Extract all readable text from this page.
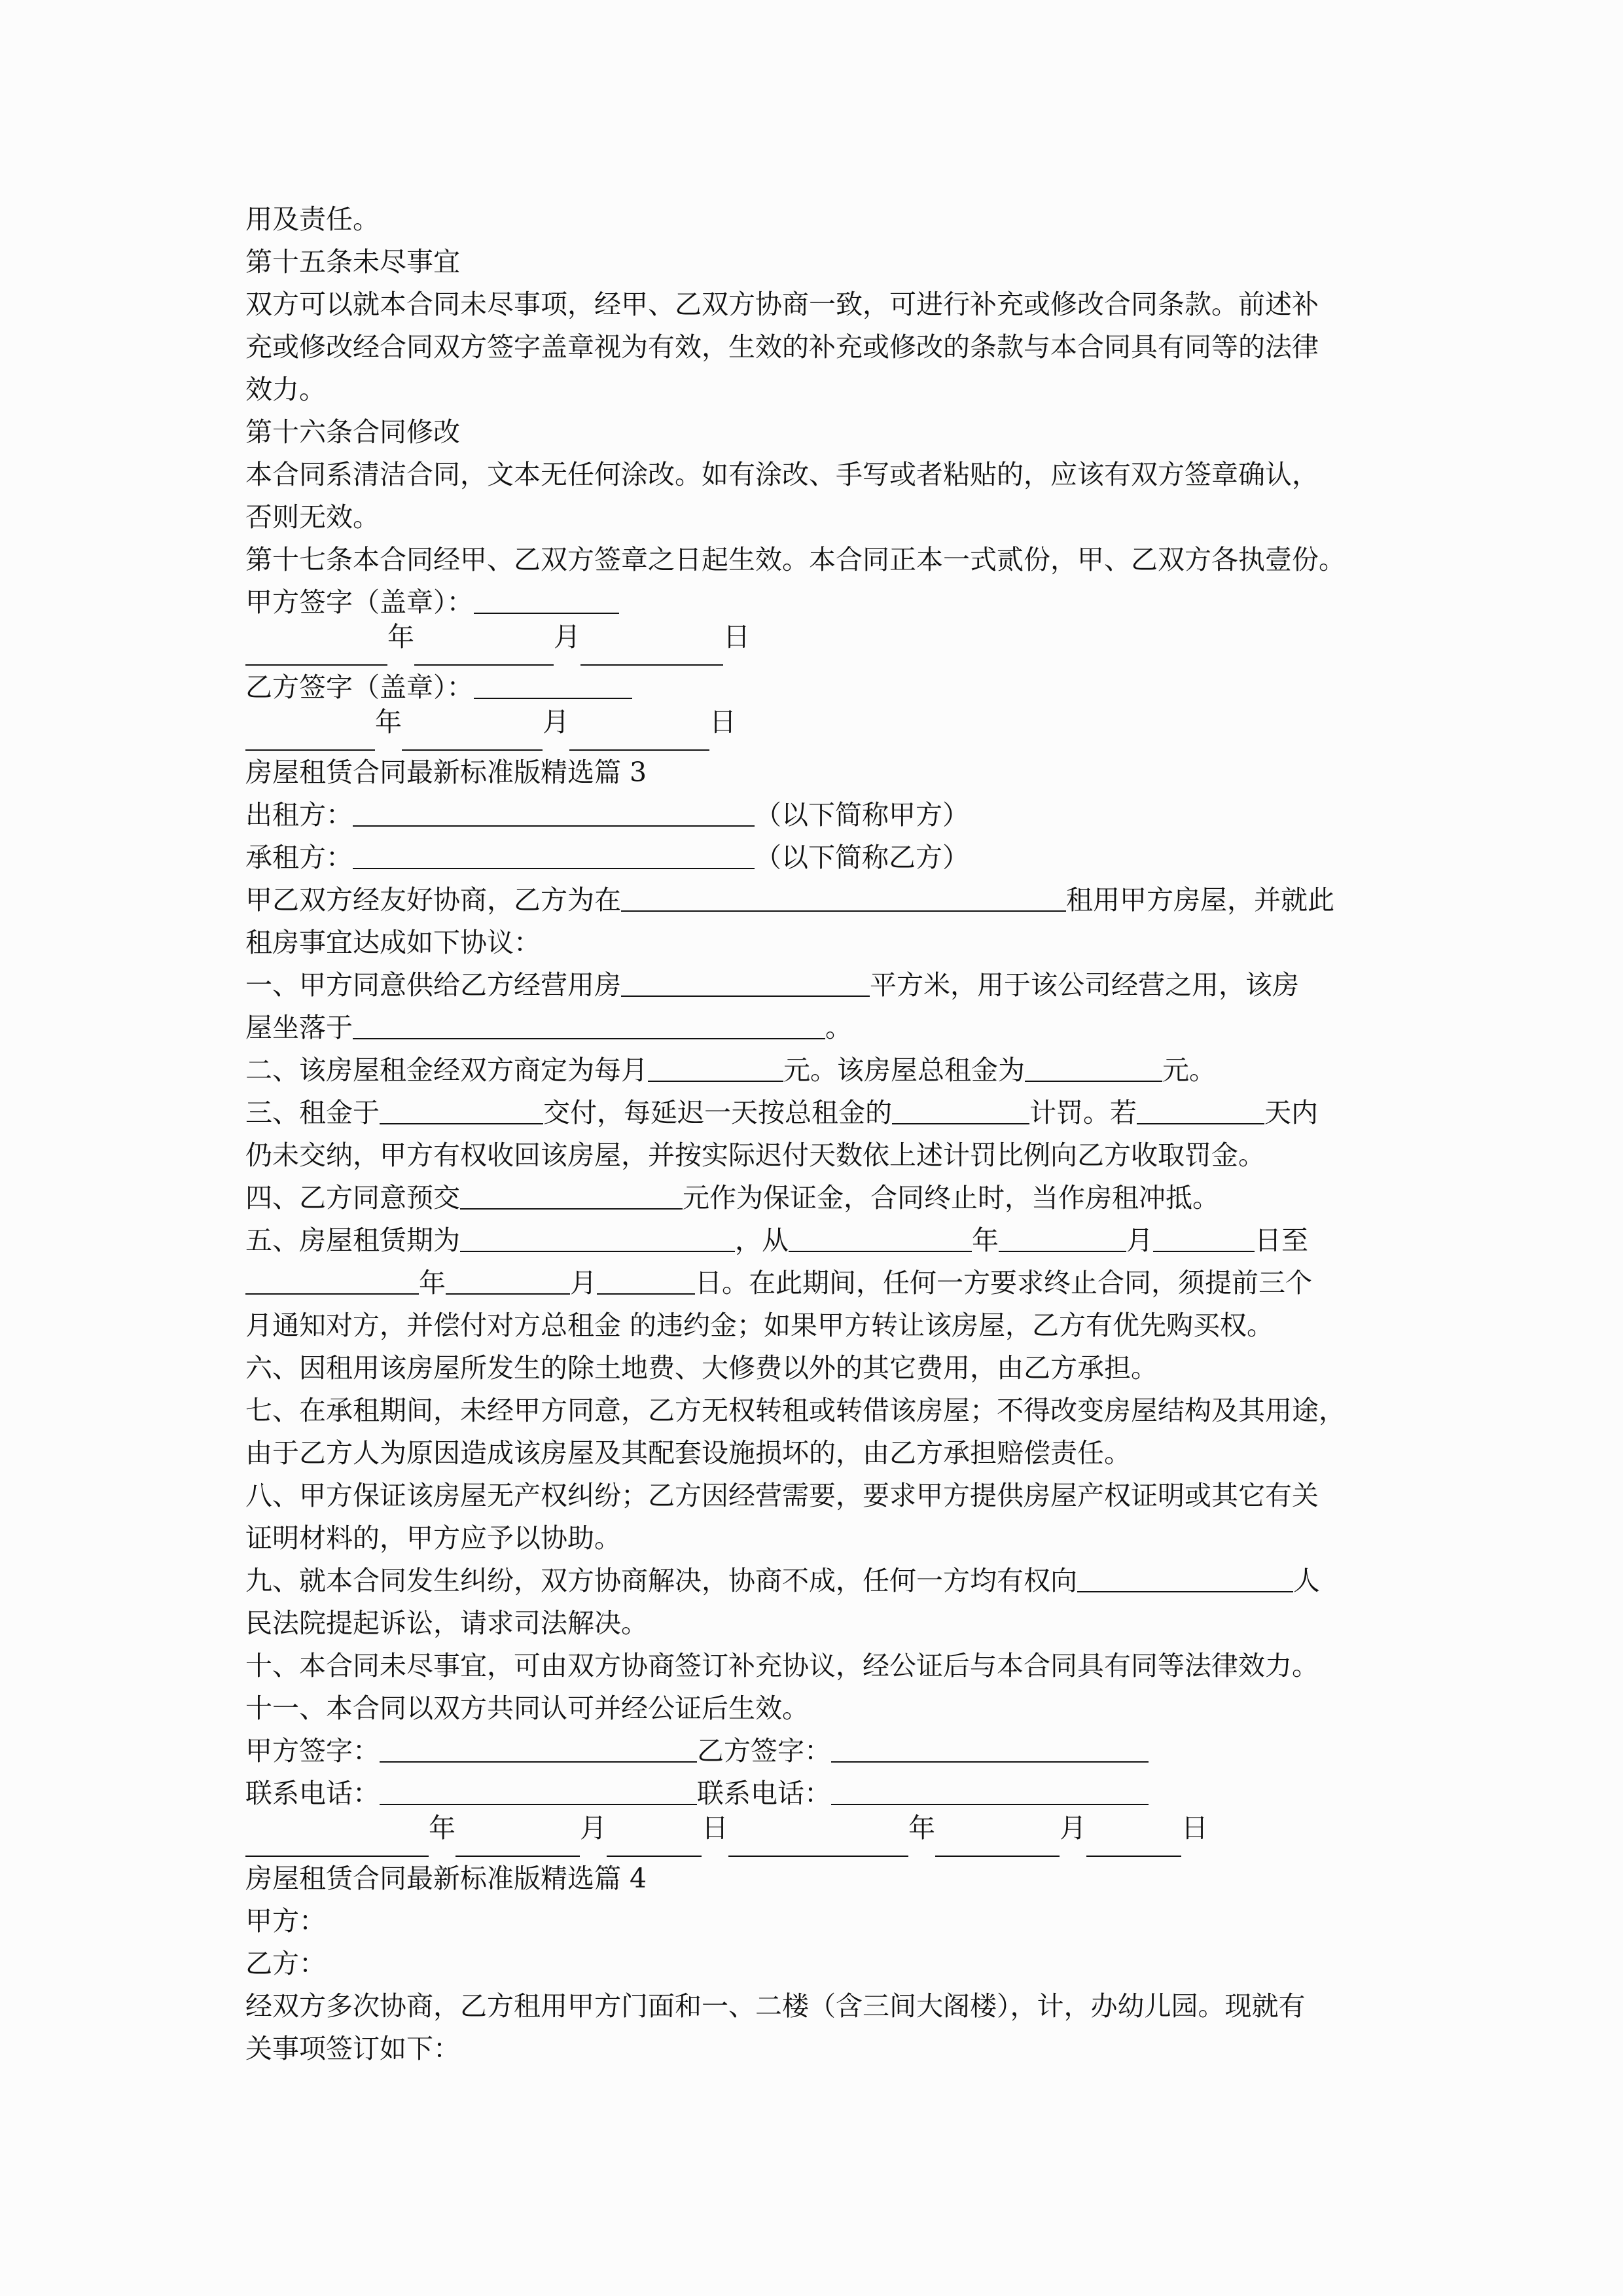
用及责任。
第十五条未尽事宜
双方可以就本合同未尽事项，经甲、乙双方协商一致，可进行补充或修改合同条款。前述补
充或修改经合同双方签字盖章视为有效，生效的补充或修改的条款与本合同具有同等的法律
效力。
第十六条合同修改
本合同系清洁合同，文本无任何涂改。如有涂改、手写或者粘贴的，应该有双方签章确认，
否则无效。
第十七条本合同经甲、乙双方签章之日起生效。本合同正本一式贰份，甲、乙双方各执壹份。
甲方签字（盖章）：
年	月	日
乙方签字（盖章）：
年	月	日
房屋租赁合同最新标准版精选篇 3
出租方：	（以下简称甲方）
承租方：	（以下简称乙方）
甲乙双方经友好协商，乙方为在	租用甲方房屋，并就此
租房事宜达成如下协议：
一、甲方同意供给乙方经营用房	平方米，用于该公司经营之用，该房
屋坐落于	。
二、该房屋租金经双方商定为每月	元。该房屋总租金为	元。
三、租金于	交付，每延迟一天按总租金的	计罚。若	天内
仍未交纳，甲方有权收回该房屋，并按实际迟付天数依上述计罚比例向乙方收取罚金。
四、乙方同意预交	元作为保证金，合同终止时，当作房租冲抵。
五、房屋租赁期为	，从	年	月	日至
年	月	日。在此期间，任何一方要求终止合同，须提前三个
月通知对方，并偿付对方总租金 的违约金；如果甲方转让该房屋，乙方有优先购买权。
六、因租用该房屋所发生的除土地费、大修费以外的其它费用，由乙方承担。
七、在承租期间，未经甲方同意，乙方无权转租或转借该房屋；不得改变房屋结构及其用途，
由于乙方人为原因造成该房屋及其配套设施损坏的，由乙方承担赔偿责任。
八、甲方保证该房屋无产权纠纷；乙方因经营需要，要求甲方提供房屋产权证明或其它有关
证明材料的，甲方应予以协助。
九、就本合同发生纠纷，双方协商解决，协商不成，任何一方均有权向	人
民法院提起诉讼，请求司法解决。
十、本合同未尽事宜，可由双方协商签订补充协议，经公证后与本合同具有同等法律效力。
十一、本合同以双方共同认可并经公证后生效。
甲方签字：	乙方签字：
联系电话：	联系电话：
年	月	日	年	月	日
房屋租赁合同最新标准版精选篇 4
甲方：
乙方：
经双方多次协商，乙方租用甲方门面和一、二楼（含三间大阁楼），计，办幼儿园。现就有
关事项签订如下：
